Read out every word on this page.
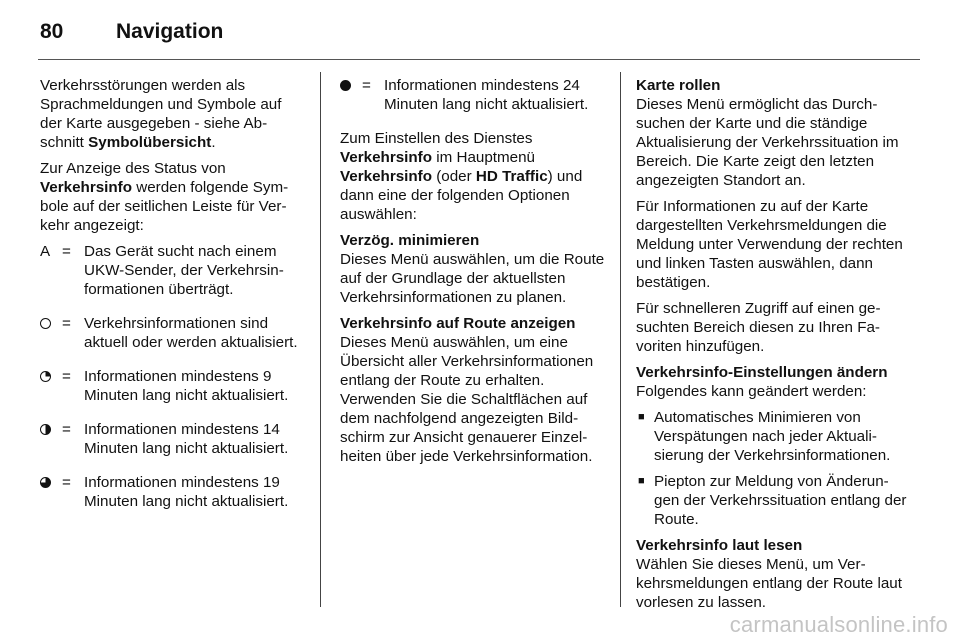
80	Navigation

Verkehrsstörungen werden als Sprachmeldungen und Symbole auf der Karte ausgegeben - siehe Abschnitt Symbolübersicht.

Zur Anzeige des Status von Verkehrsinfo werden folgende Symbole auf der seitlichen Leiste für Verkehr angezeigt:

A = Das Gerät sucht nach einem UKW-Sender, der Verkehrsinformationen überträgt.
= Verkehrsinformationen sind aktuell oder werden aktualisiert.
= Informationen mindestens 9 Minuten lang nicht aktualisiert.
= Informationen mindestens 14 Minuten lang nicht aktualisiert.
= Informationen mindestens 19 Minuten lang nicht aktualisiert.
= Informationen mindestens 24 Minuten lang nicht aktualisiert.

Zum Einstellen des Dienstes Verkehrsinfo im Hauptmenü Verkehrsinfo (oder HD Traffic) und dann eine der folgenden Optionen auswählen:

Verzög. minimieren

Dieses Menü auswählen, um die Route auf der Grundlage der aktuellsten Verkehrsinformationen zu planen.

Verkehrsinfo auf Route anzeigen

Dieses Menü auswählen, um eine Übersicht aller Verkehrsinformationen entlang der Route zu erhalten. Verwenden Sie die Schaltflächen auf dem nachfolgend angezeigten Bildschirm zur Ansicht genauerer Einzelheiten über jede Verkehrsinformation.

Karte rollen

Dieses Menü ermöglicht das Durchsuchen der Karte und die ständige Aktualisierung der Verkehrssituation im Bereich. Die Karte zeigt den letzten angezeigten Standort an.

Für Informationen zu auf der Karte dargestellten Verkehrsmeldungen die Meldung unter Verwendung der rechten und linken Tasten auswählen, dann bestätigen.

Für schnelleren Zugriff auf einen gesuchten Bereich diesen zu Ihren Favoriten hinzufügen.

Verkehrsinfo-Einstellungen ändern

Folgendes kann geändert werden:

■ Automatisches Minimieren von Verspätungen nach jeder Aktualisierung der Verkehrsinformationen.
■ Piepton zur Meldung von Änderungen der Verkehrssituation entlang der Route.

Verkehrsinfo laut lesen

Wählen Sie dieses Menü, um Verkehrsmeldungen entlang der Route laut vorlesen zu lassen.

carmanualsonline.info
